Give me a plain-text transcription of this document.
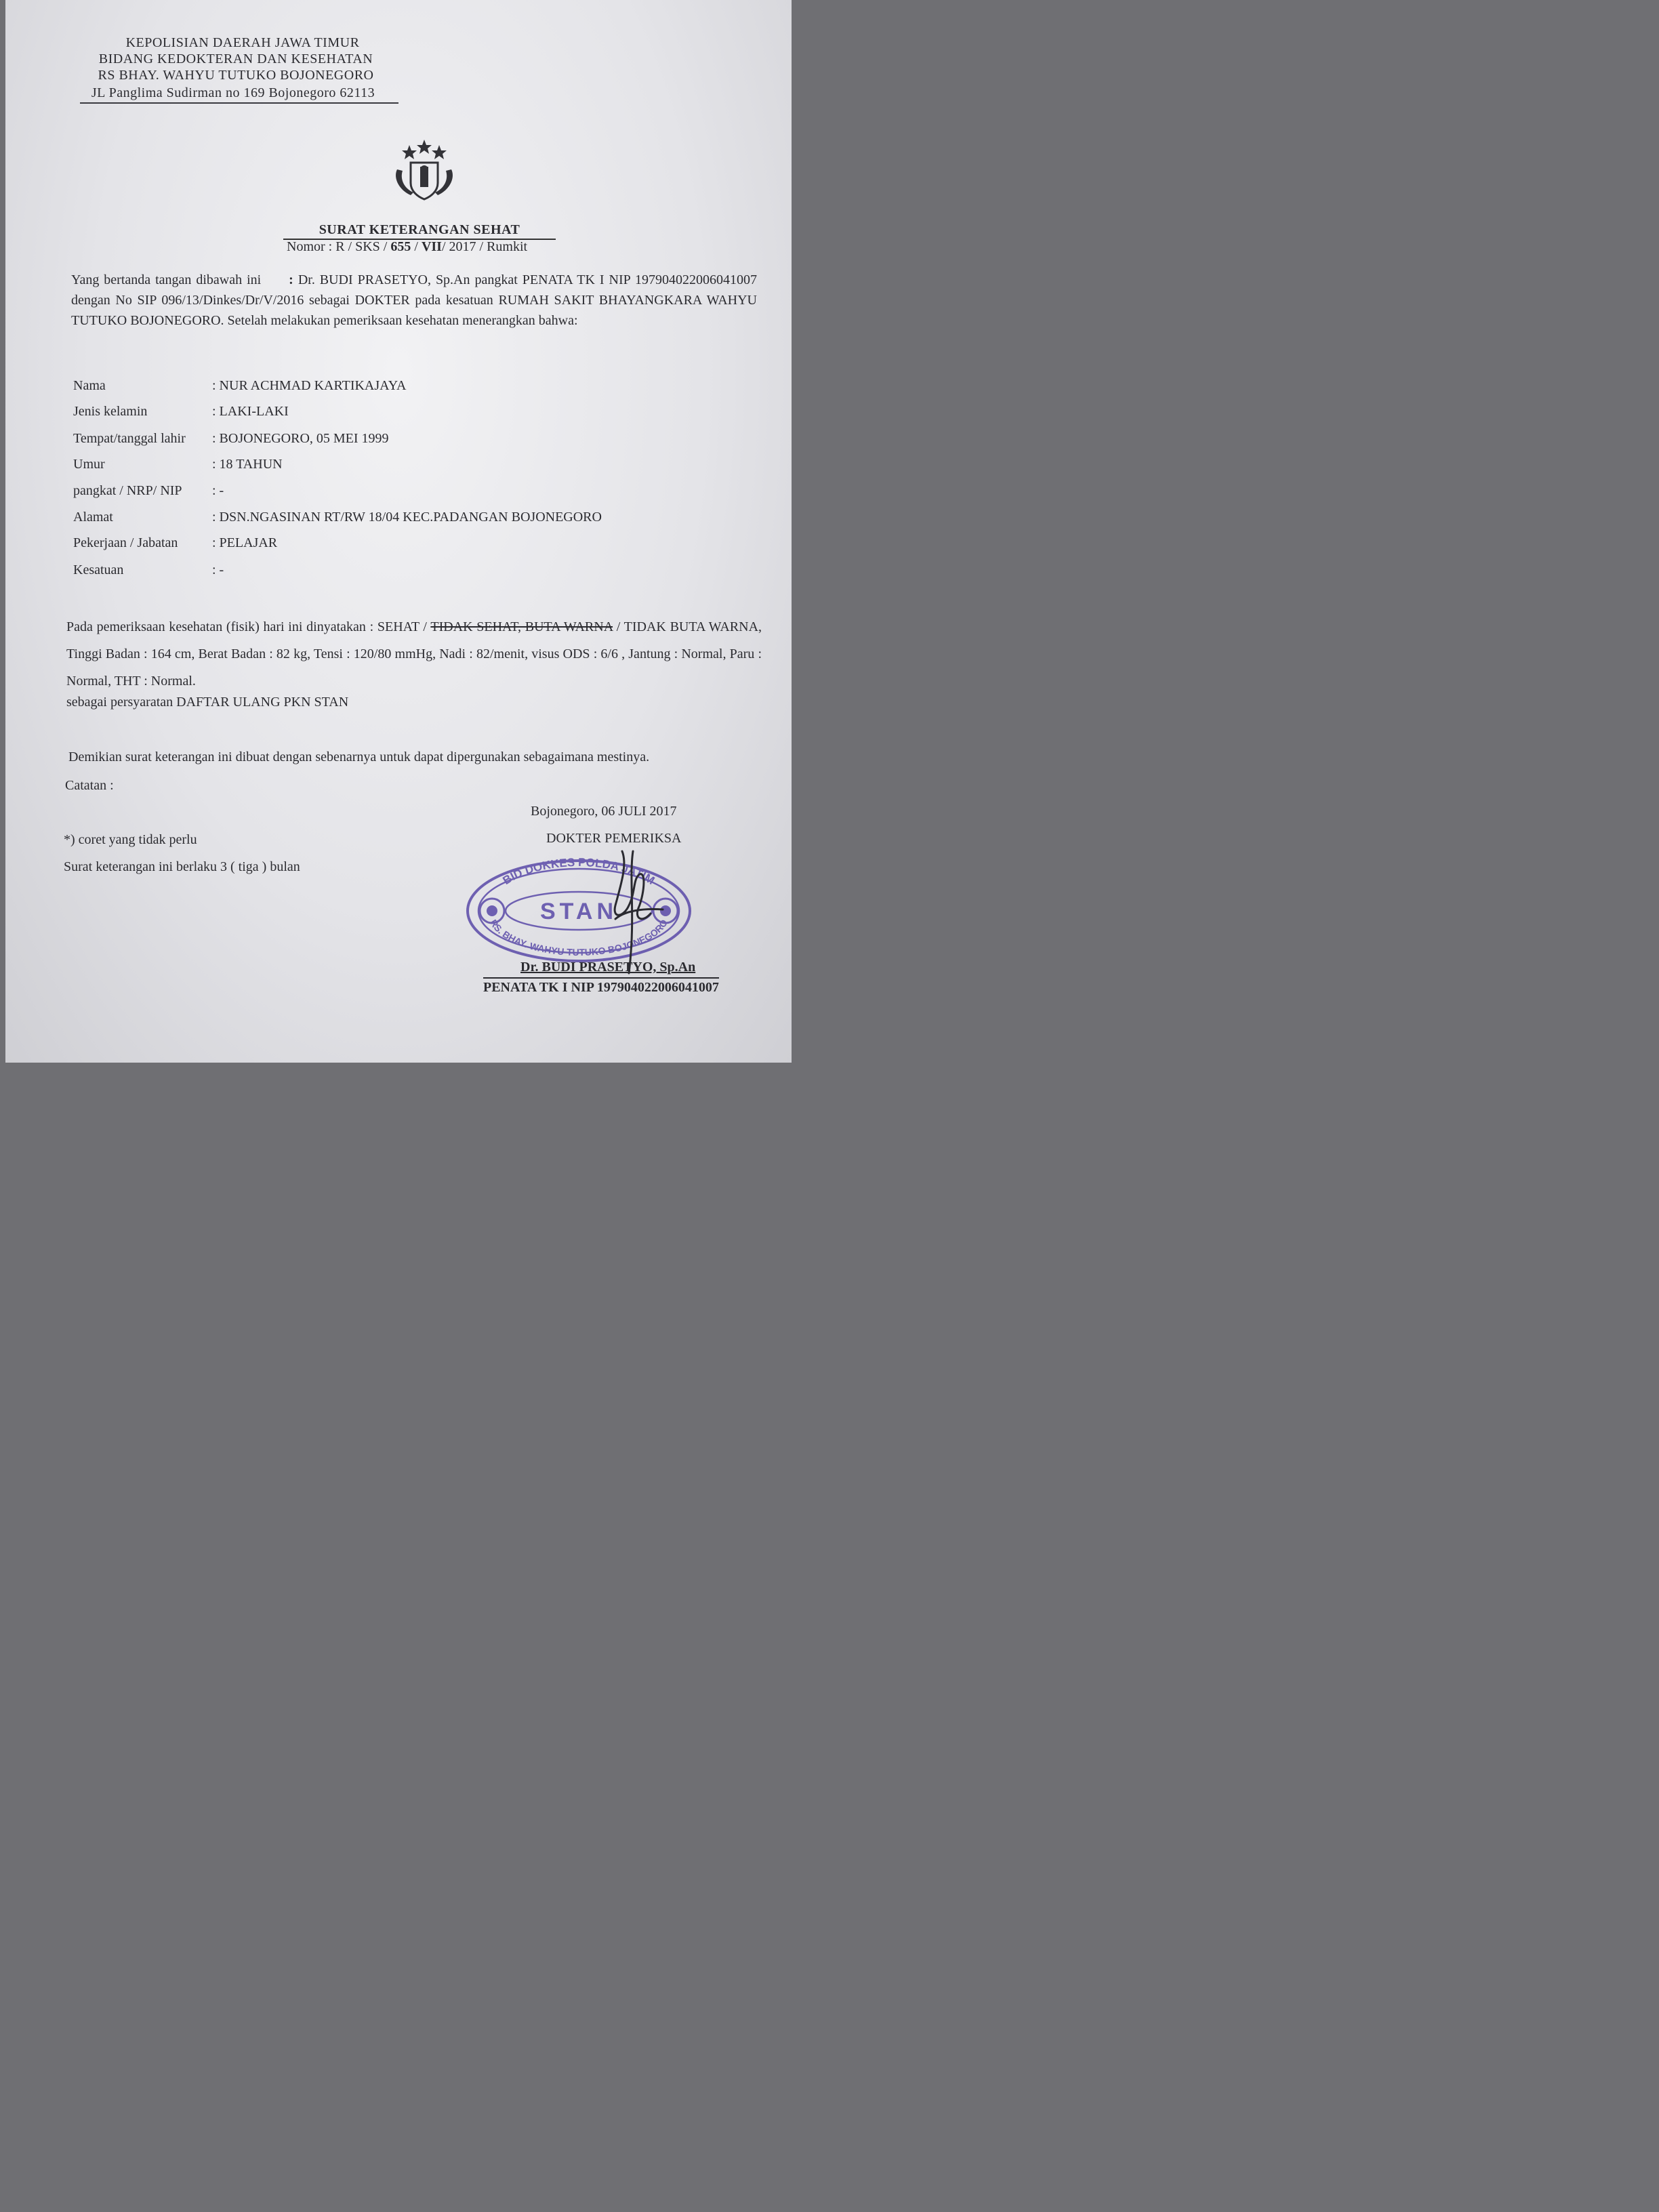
KEPOLISIAN DAERAH JAWA TIMUR
BIDANG KEDOKTERAN DAN KESEHATAN
RS BHAY. WAHYU TUTUKO BOJONEGORO
JL Panglima Sudirman no 169 Bojonegoro 62113
SURAT KETERANGAN SEHAT
Nomor : R / SKS / 655 / VII/ 2017 / Rumkit
Yang bertanda tangan dibawah ini : Dr. BUDI PRASETYO, Sp.An pangkat PENATA TK I NIP 197904022006041007 dengan No SIP 096/13/Dinkes/Dr/V/2016 sebagai DOKTER pada kesatuan RUMAH SAKIT BHAYANGKARA WAHYU TUTUKO BOJONEGORO. Setelah melakukan pemeriksaan kesehatan menerangkan bahwa:
Nama	: NUR ACHMAD KARTIKAJAYA
Jenis kelamin	: LAKI-LAKI
Tempat/tanggal lahir : BOJONEGORO, 05 MEI 1999
Umur	: 18 TAHUN
pangkat / NRP/ NIP : -
Alamat	: DSN.NGASINAN RT/RW 18/04 KEC.PADANGAN BOJONEGORO
Pekerjaan / Jabatan	: PELAJAR
Kesatuan	: -
Pada pemeriksaan kesehatan (fisik) hari ini dinyatakan : SEHAT / TIDAK SEHAT, BUTA WARNA / TIDAK BUTA WARNA, Tinggi Badan : 164 cm, Berat Badan : 82 kg, Tensi : 120/80 mmHg, Nadi : 82/menit, visus ODS : 6/6 , Jantung : Normal, Paru : Normal, THT : Normal.
sebagai persyaratan DAFTAR ULANG PKN STAN
Demikian surat keterangan ini dibuat dengan sebenarnya untuk dapat dipergunakan sebagaimana mestinya.
Catatan :
*) coret yang tidak perlu
Surat keterangan ini berlaku 3 ( tiga ) bulan
Bojonegoro, 06 JULI 2017
DOKTER PEMERIKSA
BID DOKKES POLDA JATIM
STAN
RS. BHAY. WAHYU TUTUKO BOJONEGORO
Dr. BUDI PRASETYO, Sp.An
PENATA TK I NIP 197904022006041007
